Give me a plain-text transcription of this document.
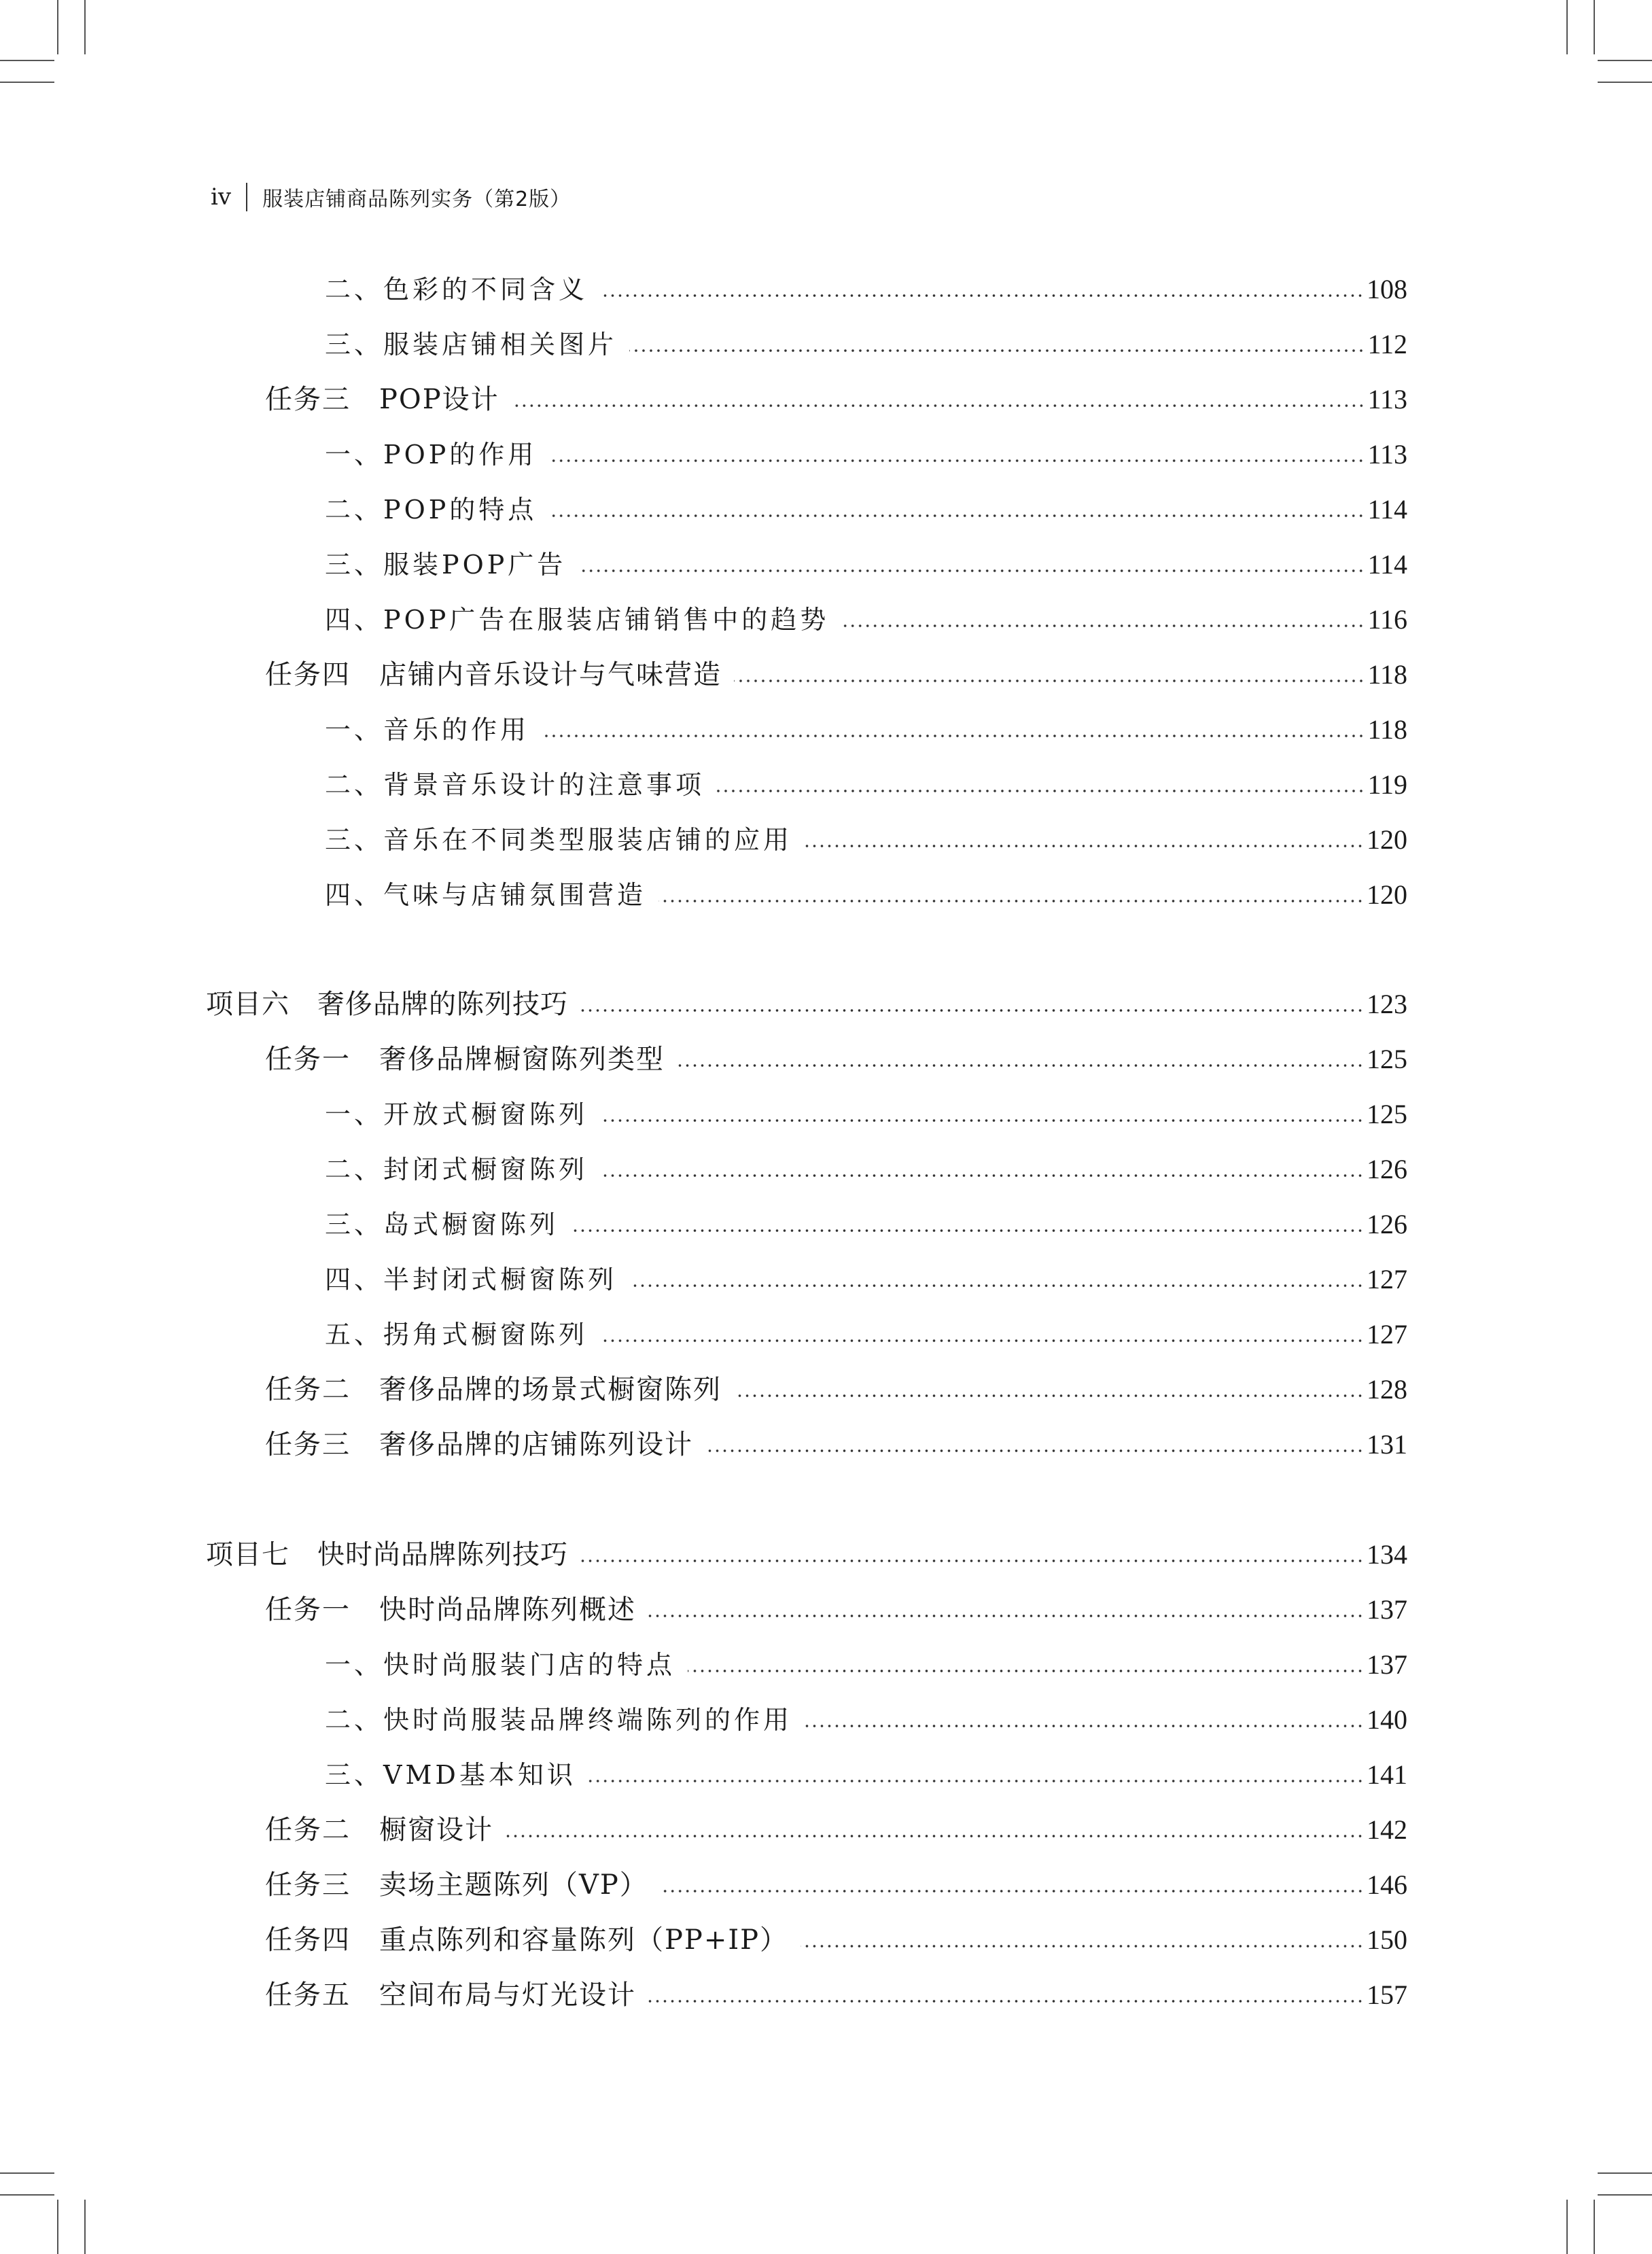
iv 服装店铺商品陈列实务（第2版）
二、色彩的不同含义	108
三、服装店铺相关图片	112
任务三　POP设计	113
一、POP的作用	113
二、POP的特点	114
三、服装POP广告	114
四、POP广告在服装店铺销售中的趋势	116
任务四　店铺内音乐设计与气味营造	118
一、音乐的作用	118
二、背景音乐设计的注意事项	119
三、音乐在不同类型服装店铺的应用	120
四、气味与店铺氛围营造	120
项目六　奢侈品牌的陈列技巧	123
任务一　奢侈品牌橱窗陈列类型	125
一、开放式橱窗陈列	125
二、封闭式橱窗陈列	126
三、岛式橱窗陈列	126
四、半封闭式橱窗陈列	127
五、拐角式橱窗陈列	127
任务二　奢侈品牌的场景式橱窗陈列	128
任务三　奢侈品牌的店铺陈列设计	131
项目七　快时尚品牌陈列技巧	134
任务一　快时尚品牌陈列概述	137
一、快时尚服装门店的特点	137
二、快时尚服装品牌终端陈列的作用	140
三、VMD基本知识	141
任务二　橱窗设计	142
任务三　卖场主题陈列（VP）	146
任务四　重点陈列和容量陈列（PP+IP）	150
任务五　空间布局与灯光设计	157
